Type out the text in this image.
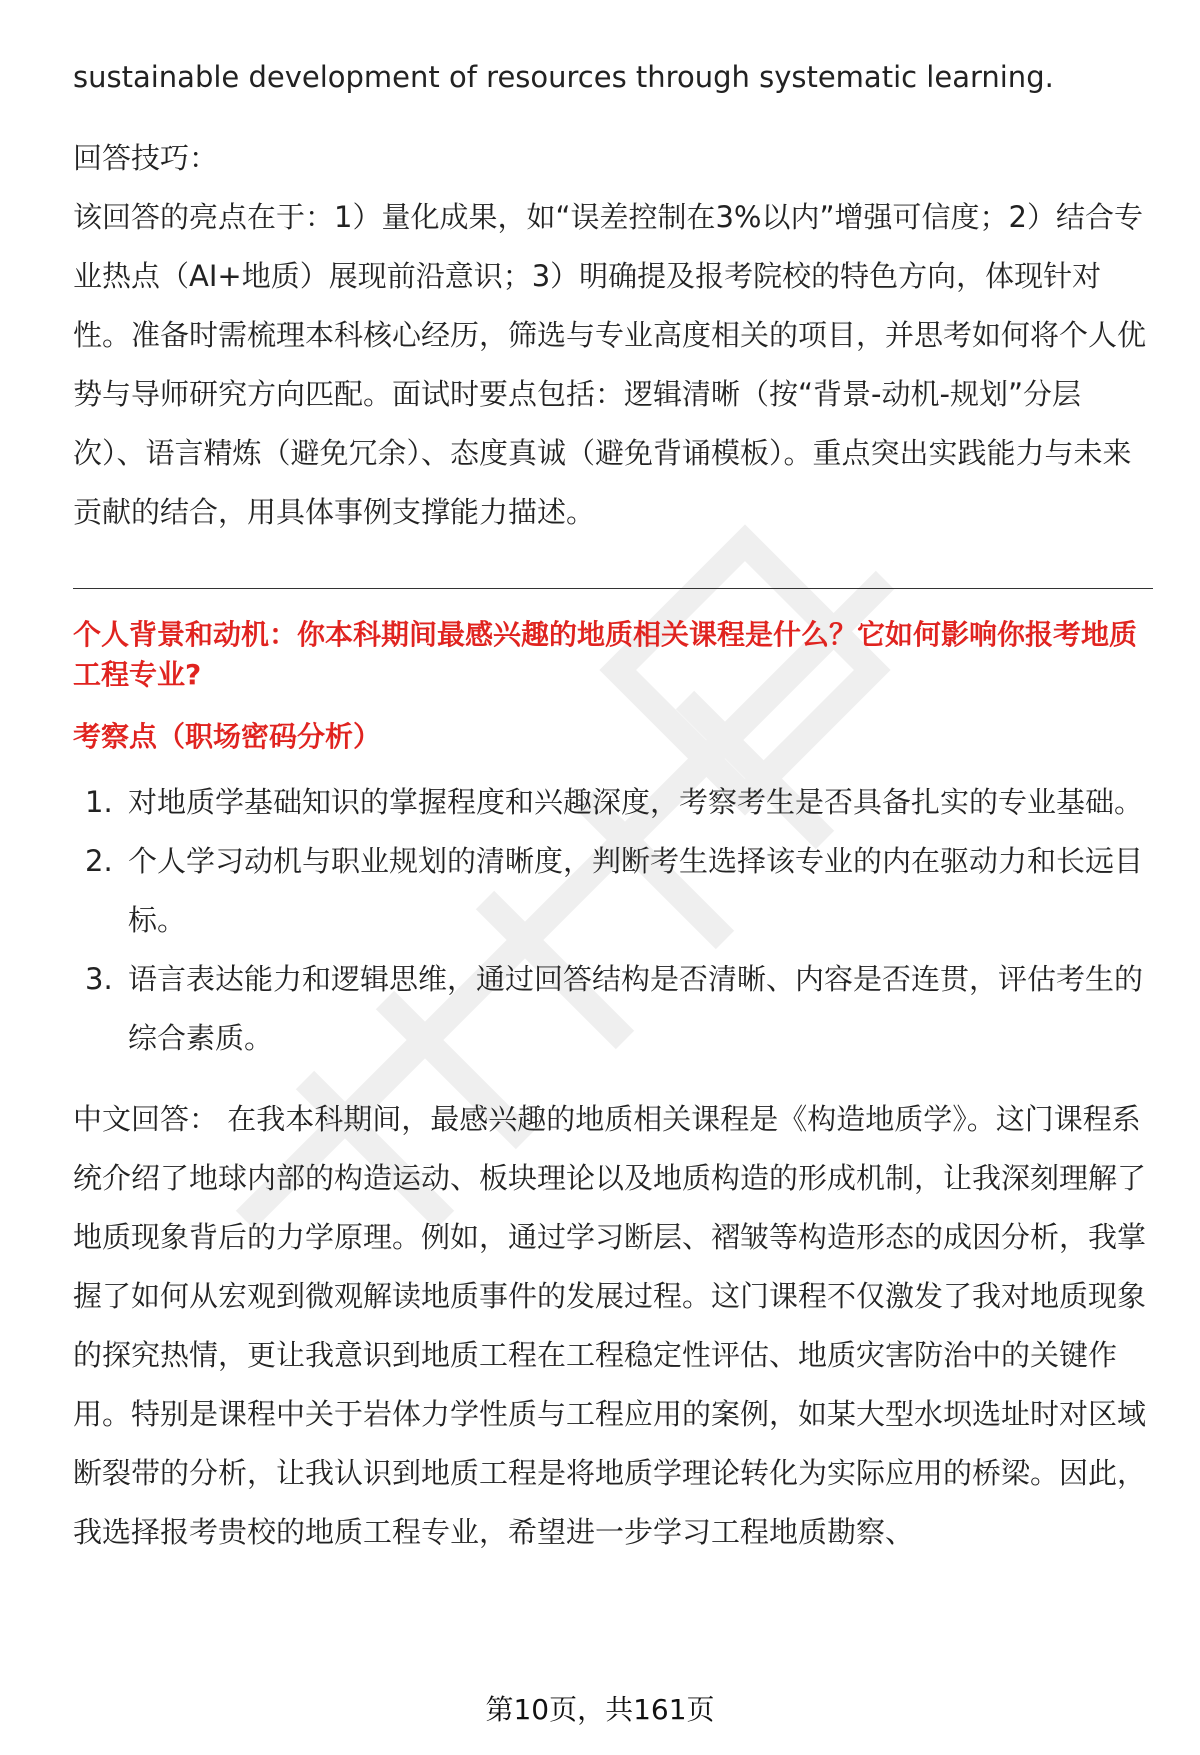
sustainable development of resources through systematic learning.

回答技巧：

该回答的亮点在于：1）量化成果，如“误差控制在3%以内”增强可信度；2）结合专业热点（AI+地质）展现前沿意识；3）明确提及报考院校的特色方向，体现针对性。准备时需梳理本科核心经历，筛选与专业高度相关的项目，并思考如何将个人优势与导师研究方向匹配。面试时要点包括：逻辑清晰（按“背景-动机-规划”分层次）、语言精炼（避免冗余）、态度真诚（避免背诵模板）。重点突出实践能力与未来贡献的结合，用具体事例支撑能力描述。

个人背景和动机：你本科期间最感兴趣的地质相关课程是什么？它如何影响你报考地质工程专业?
考察点（职场密码分析）
1. 对地质学基础知识的掌握程度和兴趣深度，考察考生是否具备扎实的专业基础。
2. 个人学习动机与职业规划的清晰度，判断考生选择该专业的内在驱动力和长远目标。
3. 语言表达能力和逻辑思维，通过回答结构是否清晰、内容是否连贯，评估考生的综合素质。

中文回答： 在我本科期间，最感兴趣的地质相关课程是《构造地质学》。这门课程系统介绍了地球内部的构造运动、板块理论以及地质构造的形成机制，让我深刻理解了地质现象背后的力学原理。例如，通过学习断层、褶皱等构造形态的成因分析，我掌握了如何从宏观到微观解读地质事件的发展过程。这门课程不仅激发了我对地质现象的探究热情，更让我意识到地质工程在工程稳定性评估、地质灾害防治中的关键作用。特别是课程中关于岩体力学性质与工程应用的案例，如某大型水坝选址时对区域断裂带的分析，让我认识到地质工程是将地质学理论转化为实际应用的桥梁。因此，我选择报考贵校的地质工程专业，希望进一步学习工程地质勘察、

第10页，共161页
